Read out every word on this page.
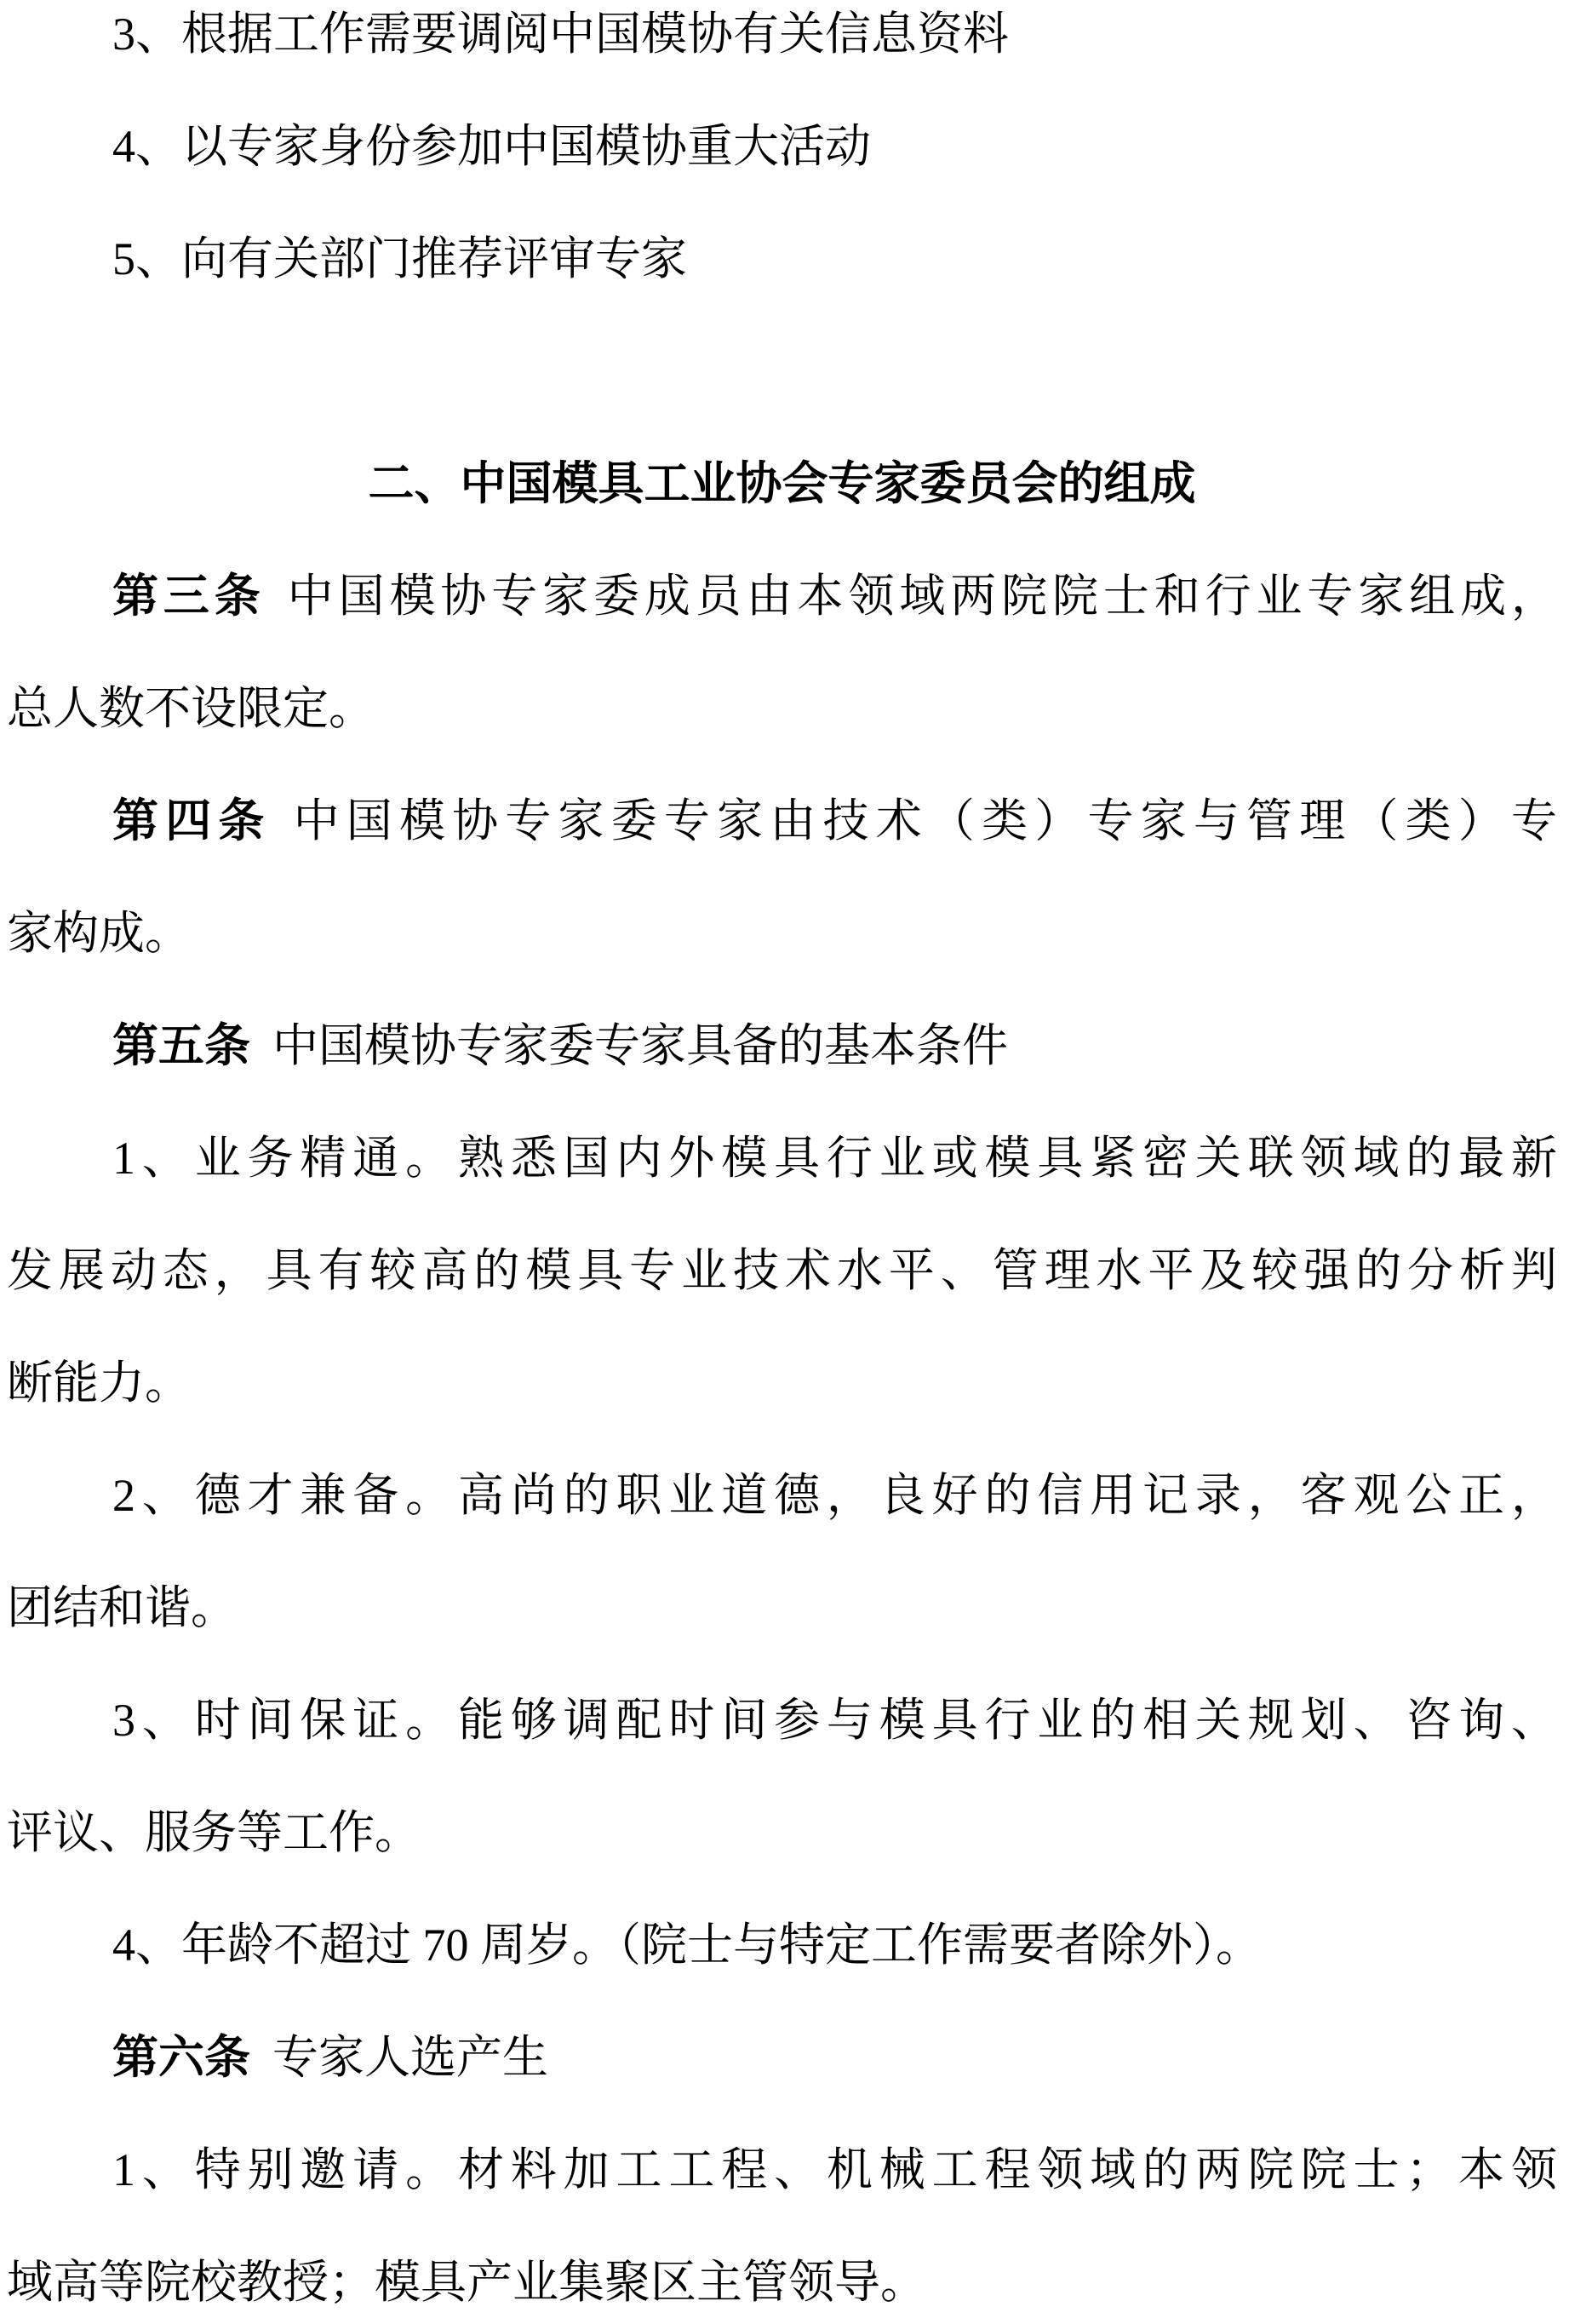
3、根据工作需要调阅中国模协有关信息资料
4、以专家身份参加中国模协重大活动
5、向有关部门推荐评审专家
二、中国模具工业协会专家委员会的组成
第三条 中国模协专家委成员由本领域两院院士和行业专家组成，
总人数不设限定。
第四条 中国模协专家委专家由技术（类）专家与管理（类）专
家构成。
第五条 中国模协专家委专家具备的基本条件
1、业务精通。熟悉国内外模具行业或模具紧密关联领域的最新
发展动态，具有较高的模具专业技术水平、管理水平及较强的分析判
断能力。
2、德才兼备。高尚的职业道德，良好的信用记录，客观公正，
团结和谐。
3、时间保证。能够调配时间参与模具行业的相关规划、咨询、
评议、服务等工作。
4、年龄不超过 70 周岁。（院士与特定工作需要者除外）。
第六条 专家人选产生
1、特别邀请。材料加工工程、机械工程领域的两院院士；本领
域高等院校教授；模具产业集聚区主管领导。
